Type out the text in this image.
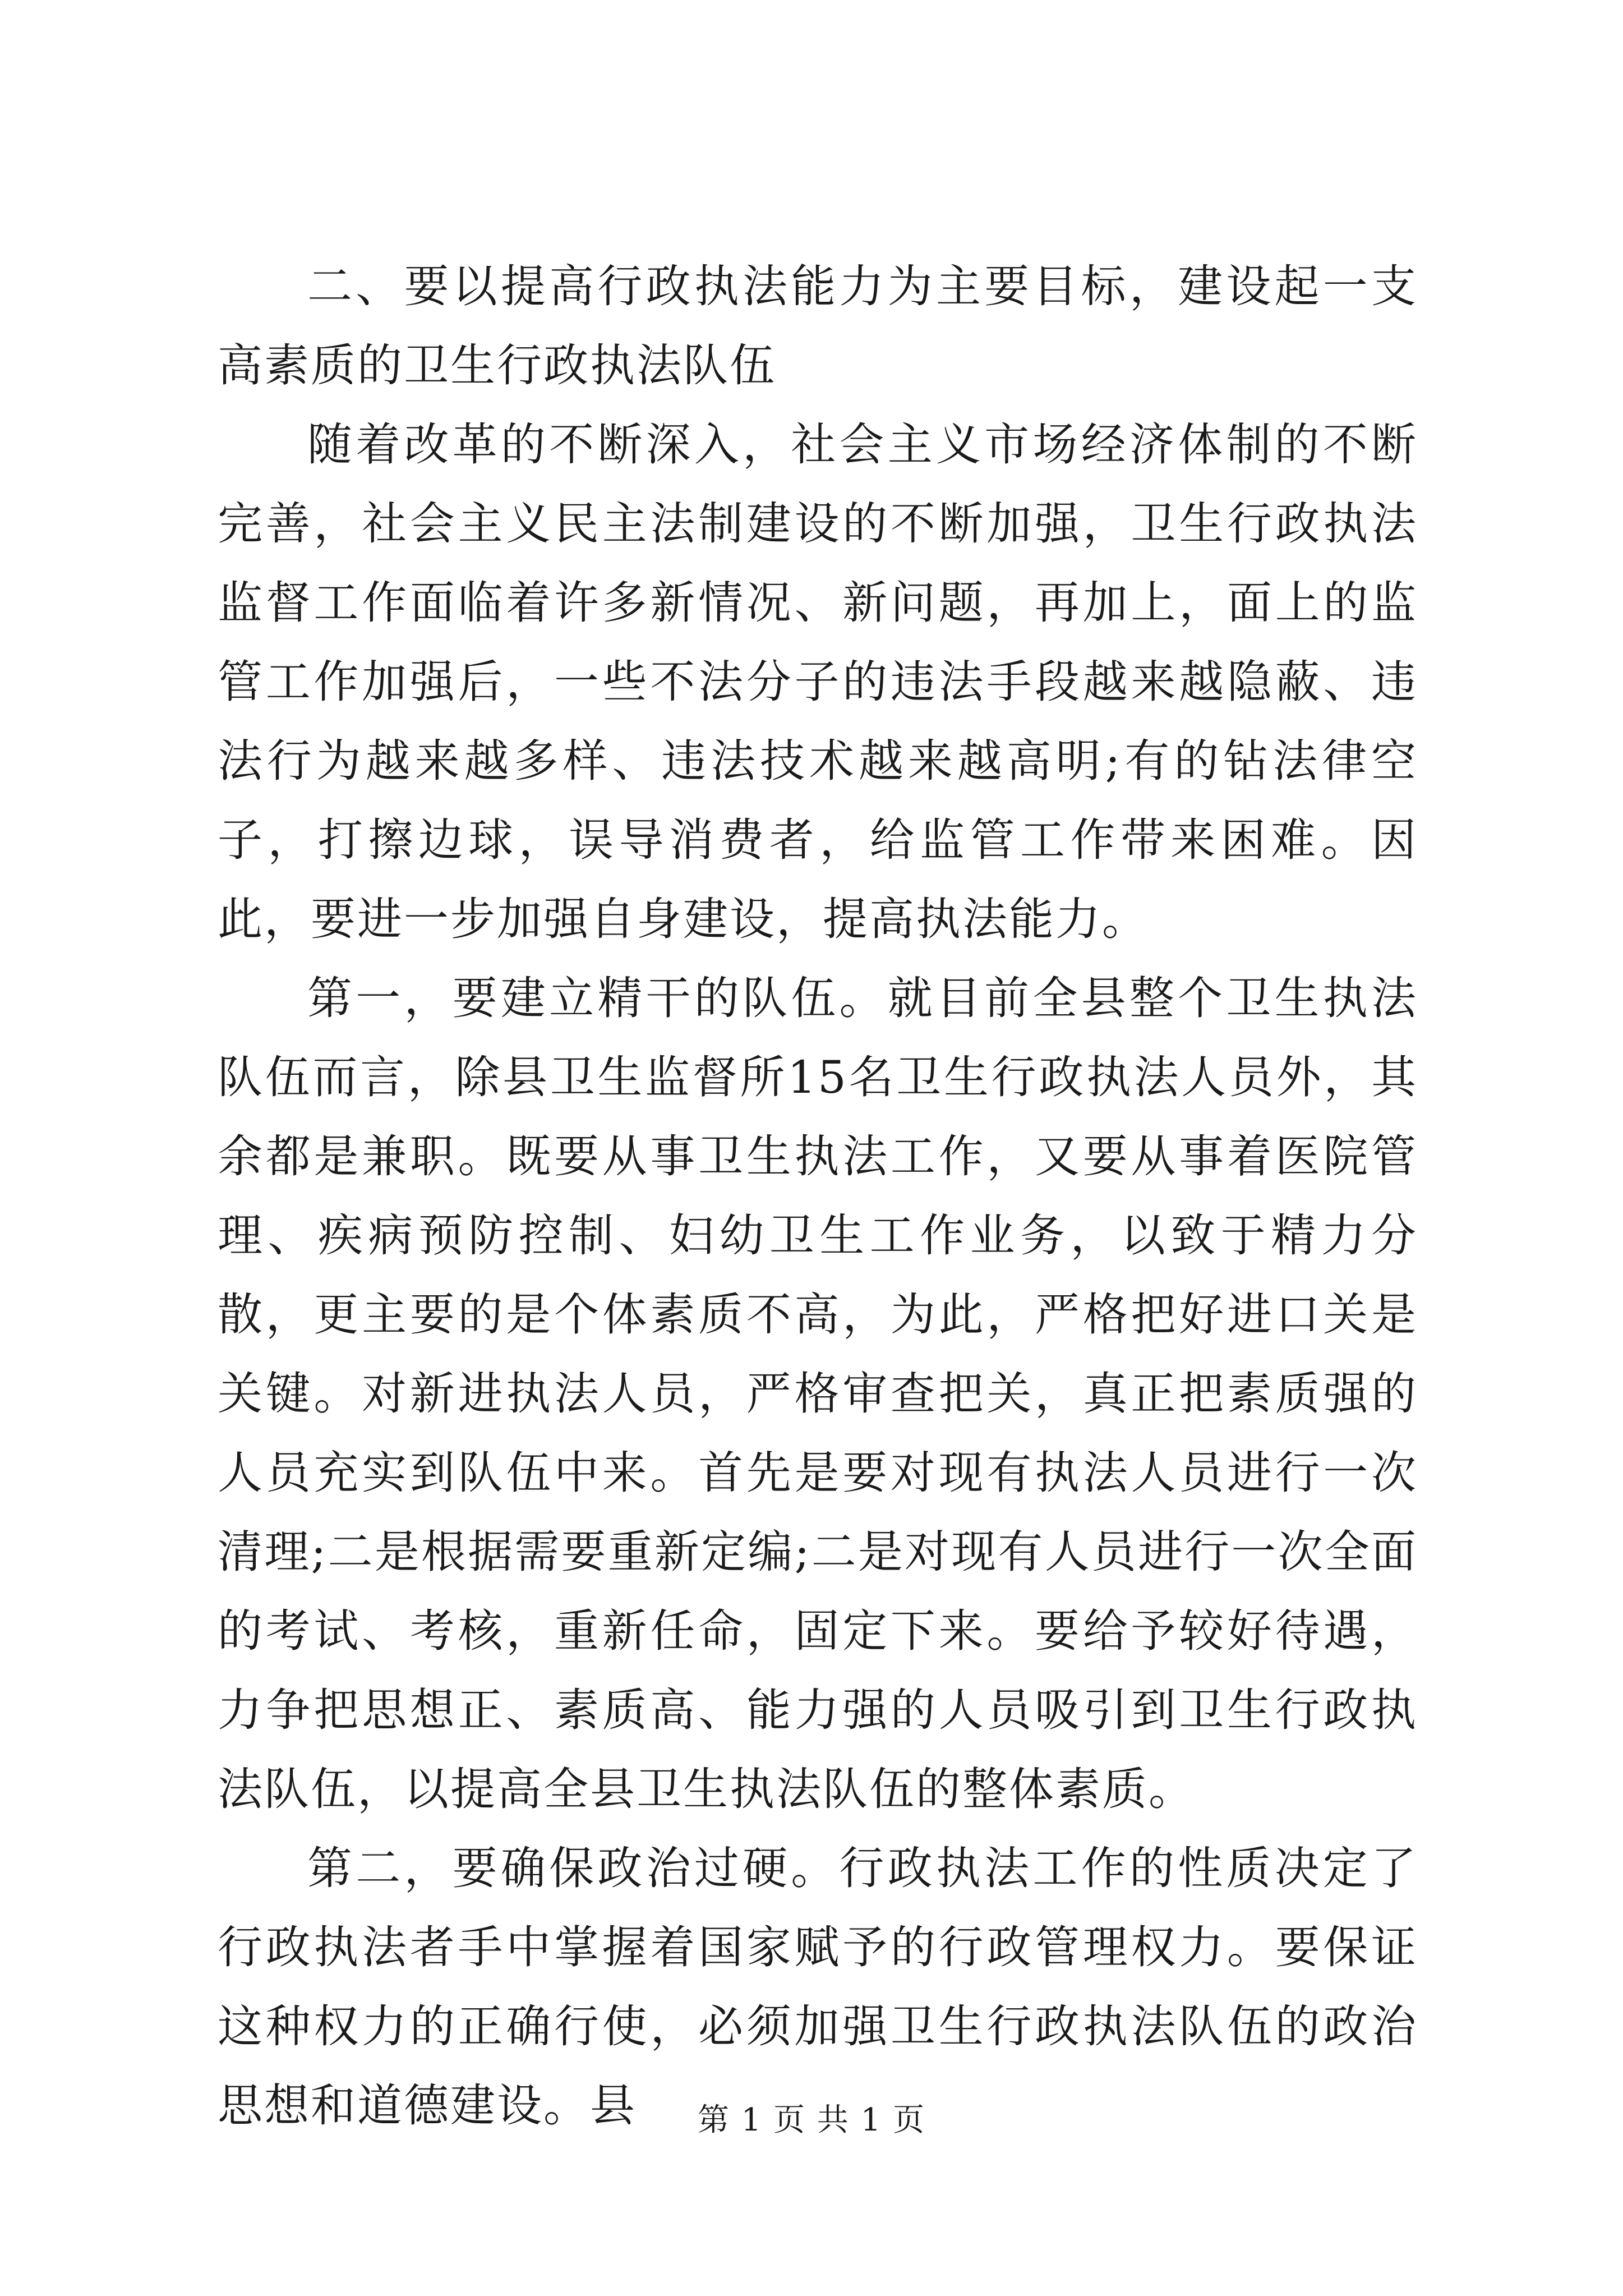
二、要以提高行政执法能力为主要目标，建设起一支高素质的卫生行政执法队伍

随着改革的不断深入，社会主义市场经济体制的不断完善，社会主义民主法制建设的不断加强，卫生行政执法监督工作面临着许多新情况、新问题，再加上，面上的监管工作加强后，一些不法分子的违法手段越来越隐蔽、违法行为越来越多样、违法技术越来越高明;有的钻法律空子，打擦边球，误导消费者，给监管工作带来困难。因此，要进一步加强自身建设，提高执法能力。

第一，要建立精干的队伍。就目前全县整个卫生执法队伍而言，除县卫生监督所15名卫生行政执法人员外，其余都是兼职。既要从事卫生执法工作，又要从事着医院管理、疾病预防控制、妇幼卫生工作业务，以致于精力分散，更主要的是个体素质不高，为此，严格把好进口关是关键。对新进执法人员，严格审查把关，真正把素质强的人员充实到队伍中来。首先是要对现有执法人员进行一次清理;二是根据需要重新定编;二是对现有人员进行一次全面的考试、考核，重新任命，固定下来。要给予较好待遇，力争把思想正、素质高、能力强的人员吸引到卫生行政执法队伍，以提高全县卫生执法队伍的整体素质。

第二，要确保政治过硬。行政执法工作的性质决定了行政执法者手中掌握着国家赋予的行政管理权力。要保证这种权力的正确行使，必须加强卫生行政执法队伍的政治思想和道德建设。县	第 1 页 共 1 页
